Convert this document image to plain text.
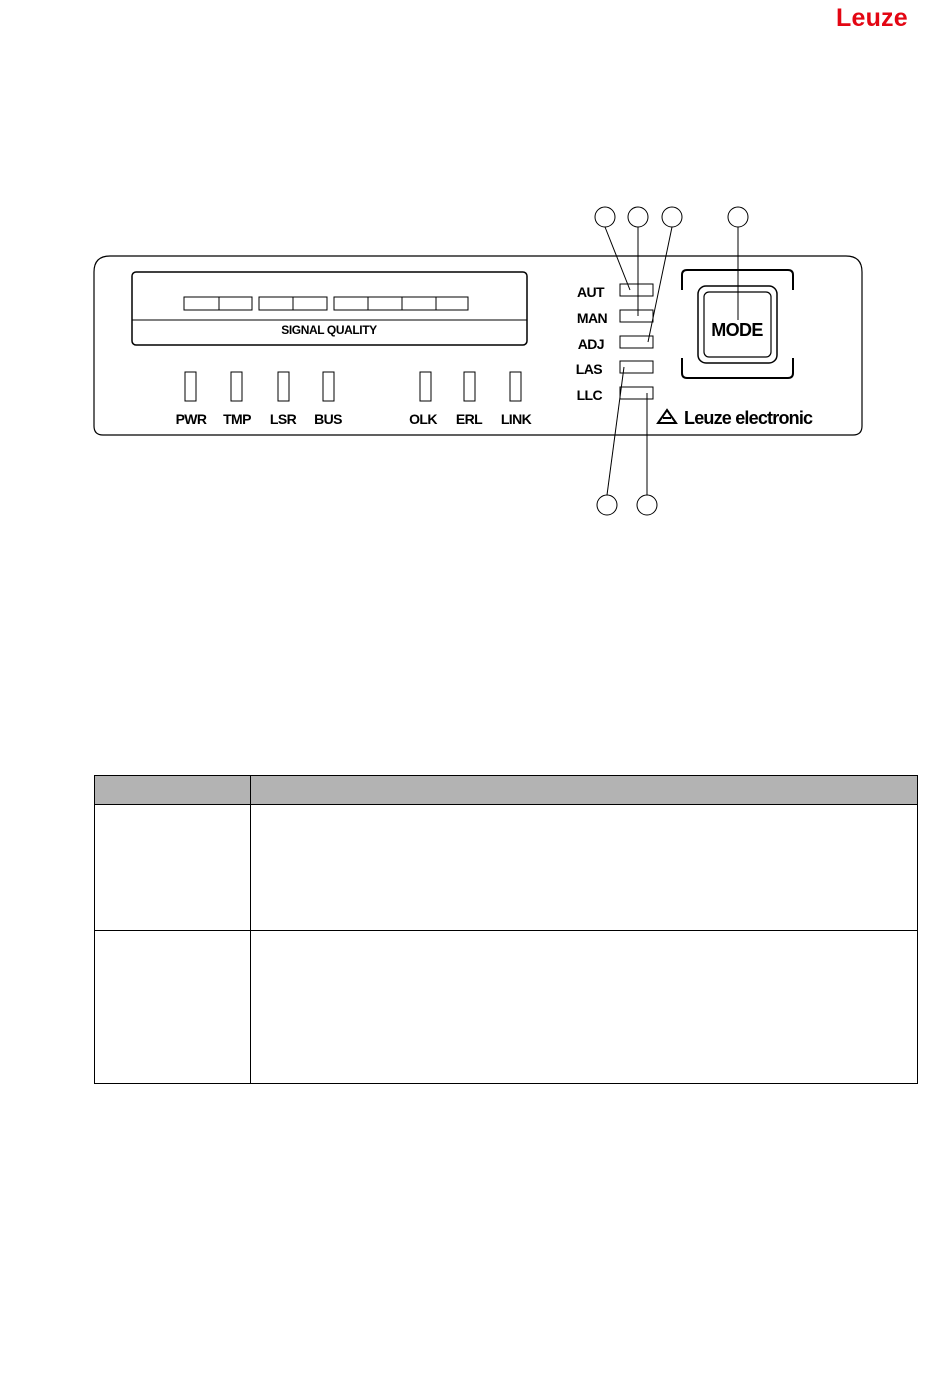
Leuze
SIGNAL QUALITY
PWR TMP LSR BUS	OLK ERL LINK
AUT
MAN
ADJ
LAS
LLC
MODE
Leuze electronic
